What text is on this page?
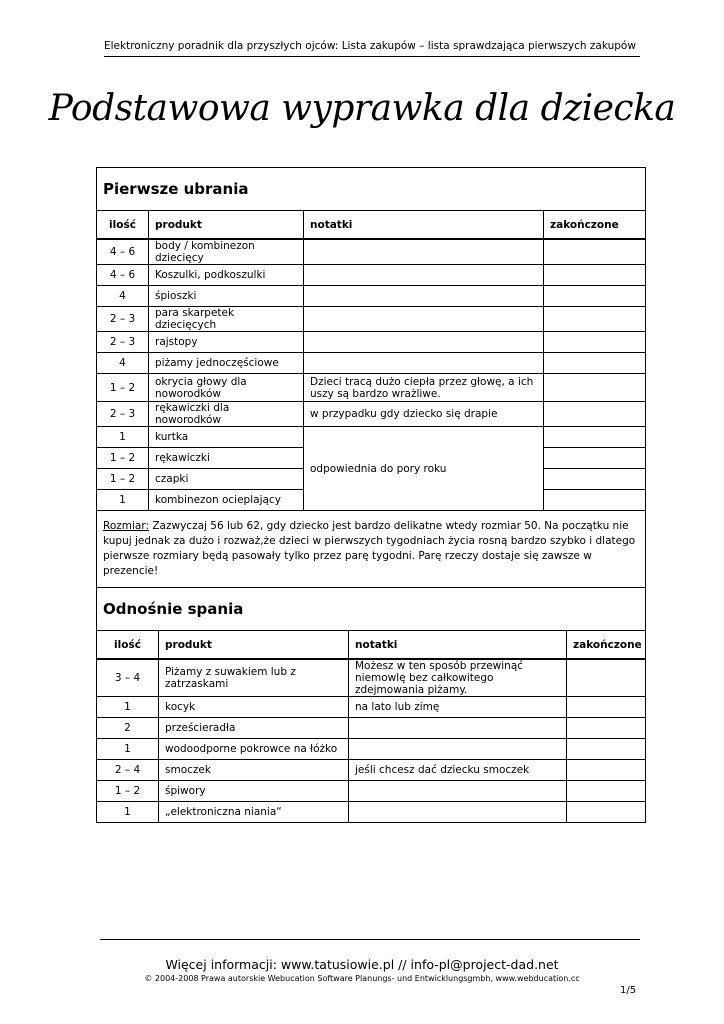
Elektroniczny poradnik dla przyszłych ojców: Lista zakupów – lista sprawdzająca pierwszych zakupów
Podstawowa wyprawka dla dziecka
Pierwsze ubrania			
ilość	produkt	notatki	zakończone
4 – 6	body / kombinezon dziecięcy		
4 – 6	Koszulki, podkoszulki		
4	śpioszki		
2 – 3	para skarpetek dziecięcych		
2 – 3	rajstopy		
4	piżamy jednoczęściowe		
1 – 2	okrycia głowy dla noworodków	Dzieci tracą dużo ciepła przez głowę, a ich uszy są bardzo wrażliwe.	
2 – 3	rękawiczki dla noworodków	w przypadku gdy dziecko się drapie	
1	kurtka	odpowiednia do pory roku	
1 – 2	rękawiczki		
1 – 2	czapki		
1	kombinezon ocieplający		
Rozmiar: Zazwyczaj 56 lub 62, gdy dziecko jest bardzo delikatne wtedy rozmiar 50. Na początku nie kupuj jednak za dużo i rozważ,że dzieci w pierwszych tygodniach życia rosną bardzo szybko i dlatego pierwsze rozmiary będą pasowały tylko przez parę tygodni. Parę rzeczy dostaje się zawsze w prezencie!			
Odnośnie spania			
ilość	produkt	notatki	zakończone
3 – 4	Piżamy z suwakiem lub z zatrzaskami	Możesz w ten sposób przewinąć niemowlę bez całkowitego zdejmowania piżamy.	
1	kocyk	na lato lub zimę	
2	prześcieradła		
1	wodoodporne pokrowce na łóżko		
2 – 4	smoczek	jeśli chcesz dać dziecku smoczek	
1 – 2	śpiwory		
1	„elektroniczna niania“		
Więcej informacji: www.tatusiowie.pl // info-pl@project-dad.net
© 2004-2008 Prawa autorskie Webucation Software Planungs- und Entwicklungsgmbh, www.webducation.cc
1/5
